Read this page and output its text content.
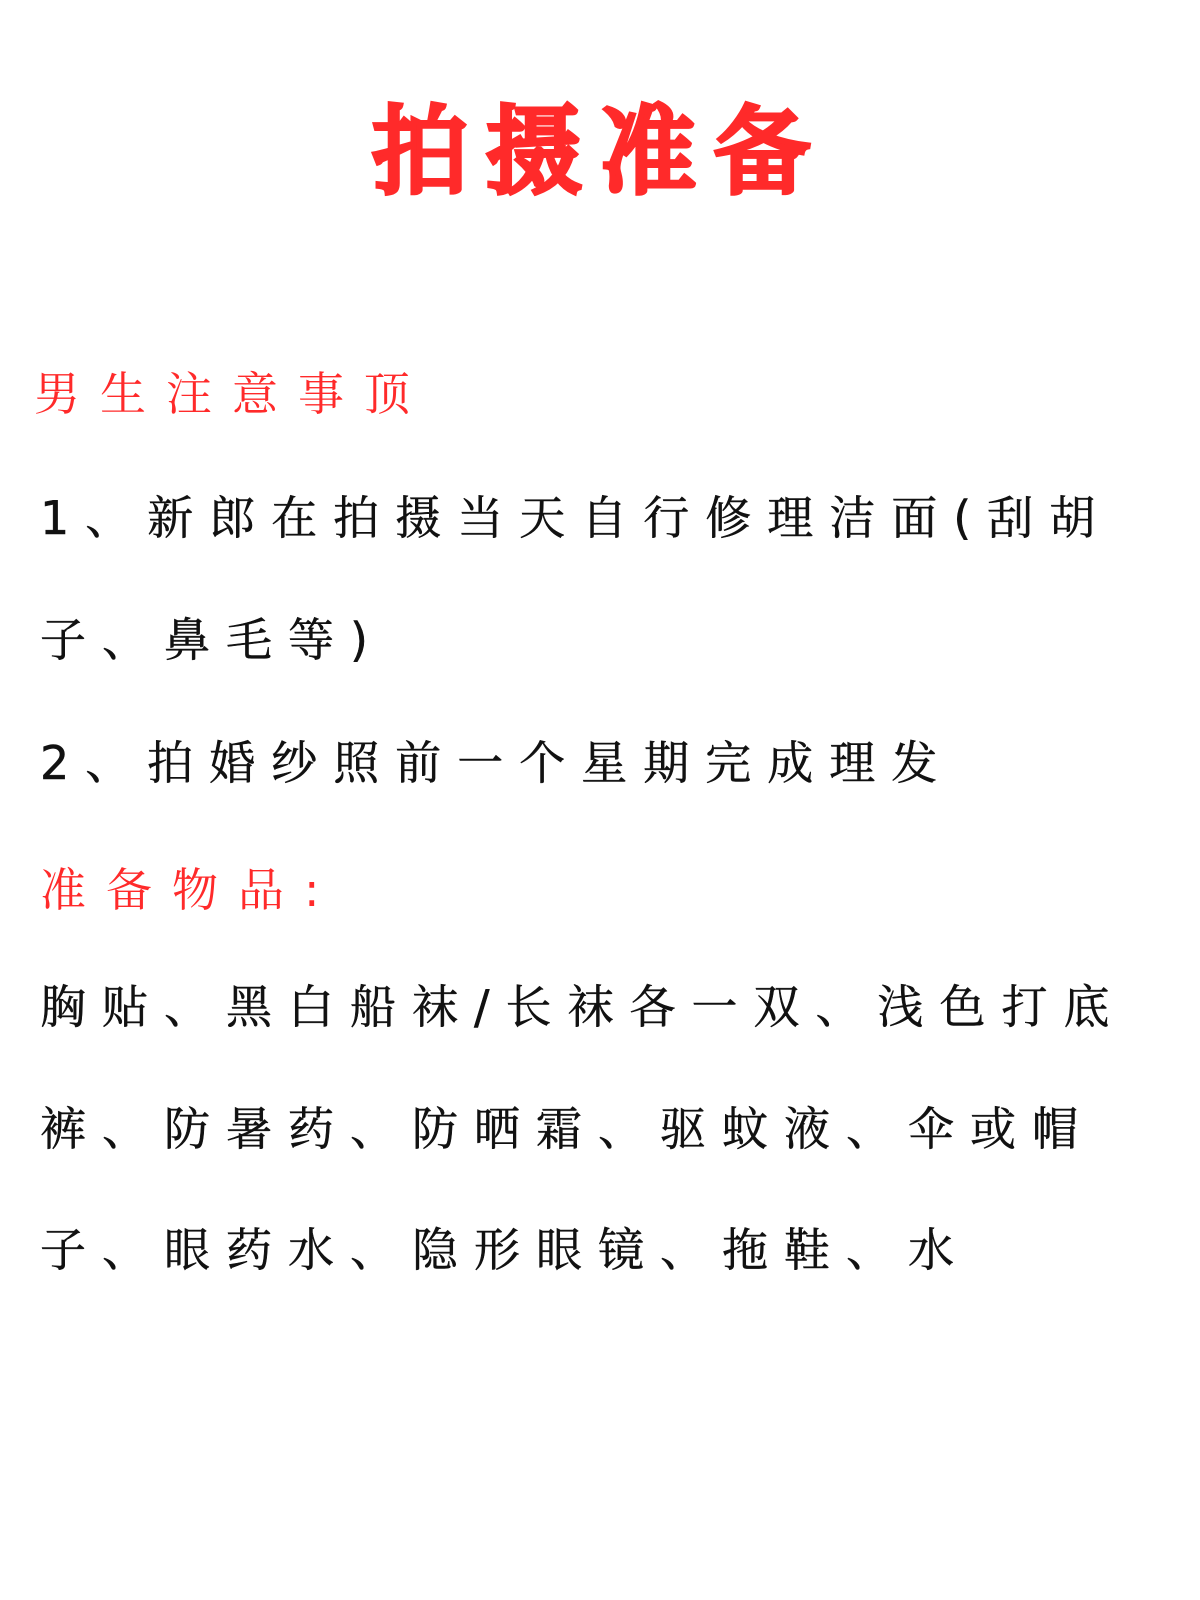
拍摄准备
男生注意事顶
1、新郎在拍摄当天自行修理洁面(刮胡
子、鼻毛等)
2、拍婚纱照前一个星期完成理发
准备物品:
胸贴、黑白船袜/长袜各一双、浅色打底
裤、防暑药、防晒霜、驱蚊液、伞或帽
子、眼药水、隐形眼镜、拖鞋、水
